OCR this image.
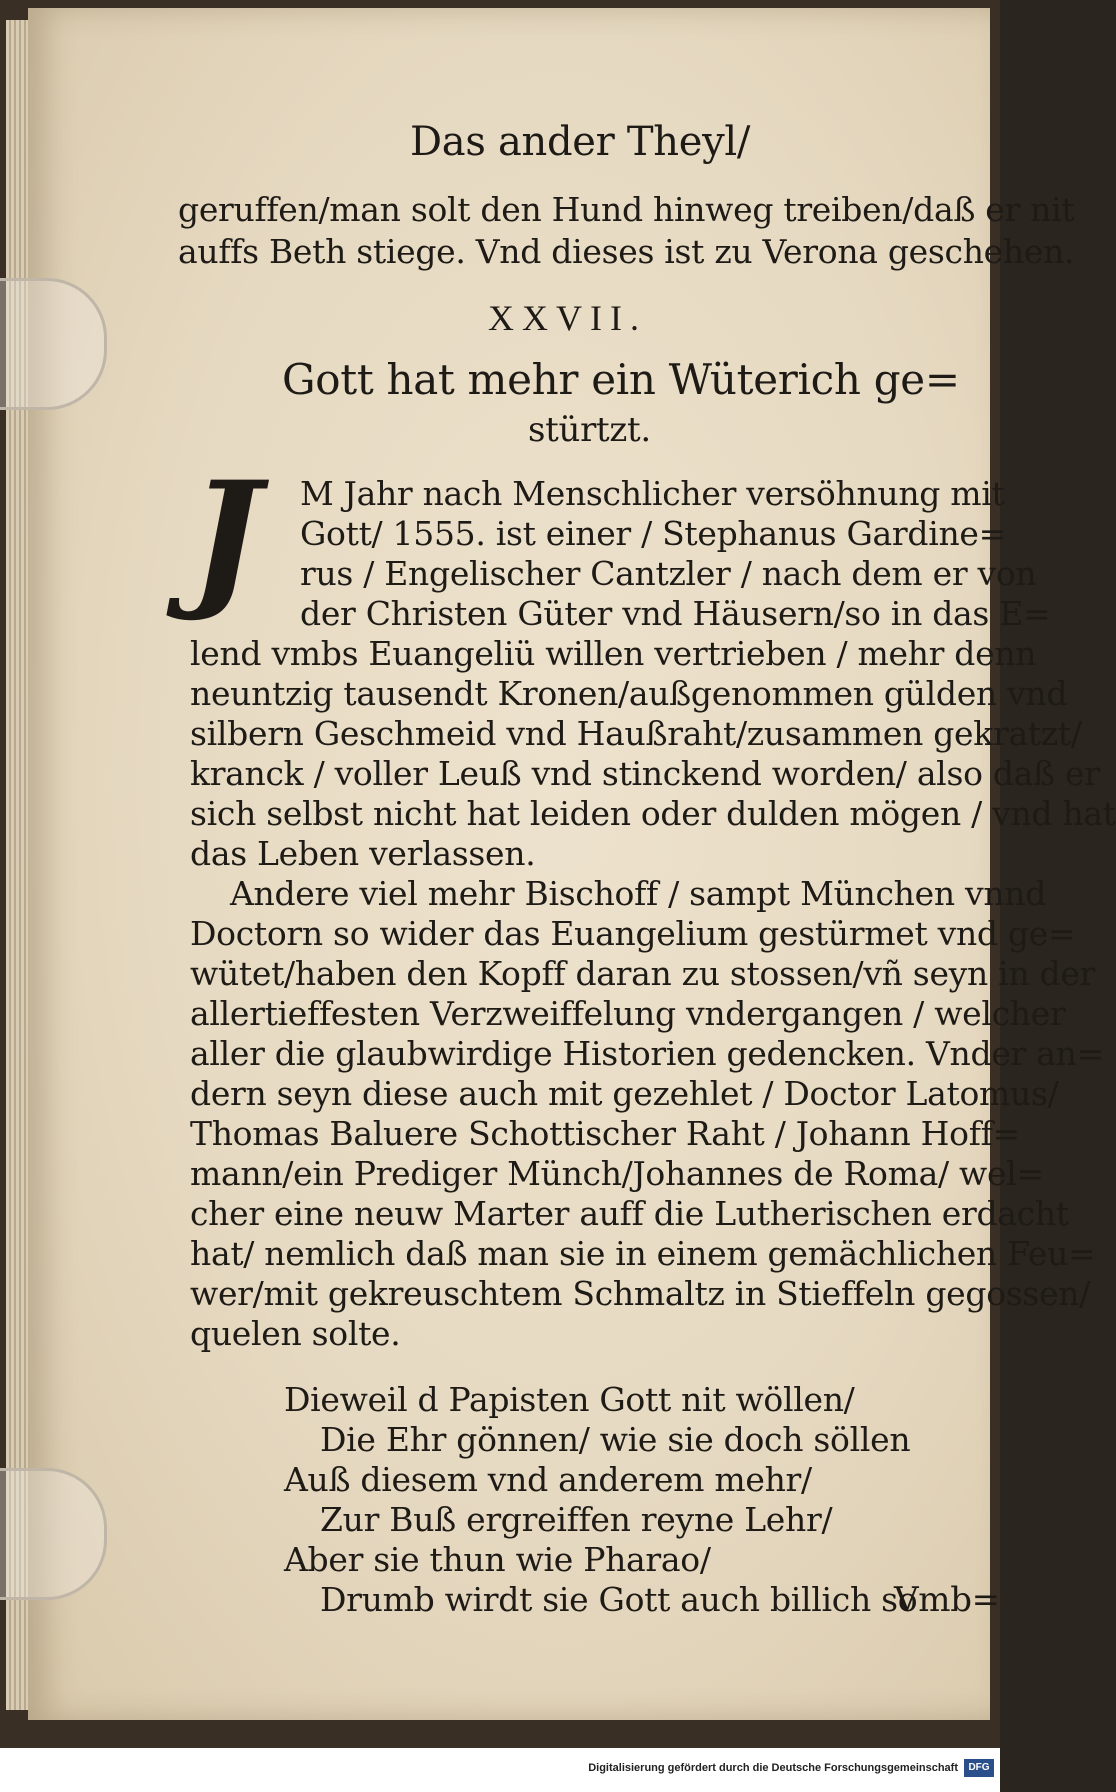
Das ander Theyl/
geruffen/man solt den Hund hinweg treiben/daß er nit
auffs Beth stiege. Vnd dieses ist zu Verona geschehen.
XXVII.
Gott hat mehr ein Wüterich ge=
stürtzt.
J	M Jahr nach Menschlicher versöhnung mit
Gott/ 1555. ist einer / Stephanus Gardine=
rus / Engelischer Cantzler / nach dem er von
der Christen Güter vnd Häusern/so in das E=
lend vmbs Euangeliü willen vertrieben / mehr denn
neuntzig tausendt Kronen/außgenommen gülden vnd
silbern Geschmeid vnd Haußraht/zusammen gekratzt/
kranck / voller Leuß vnd stinckend worden/ also daß er
sich selbst nicht hat leiden oder dulden mögen / vnd hat
das Leben verlassen.
Andere viel mehr Bischoff / sampt München vnnd
Doctorn so wider das Euangelium gestürmet vnd ge=
wütet/haben den Kopff daran zu stossen/vñ seyn in der
allertieffesten Verzweiffelung vndergangen / welcher
aller die glaubwirdige Historien gedencken. Vnder an=
dern seyn diese auch mit gezehlet / Doctor Latomus/
Thomas Baluere Schottischer Raht / Johann Hoff=
mann/ein Prediger Münch/Johannes de Roma/ wel=
cher eine neuw Marter auff die Lutherischen erdacht
hat/ nemlich daß man sie in einem gemächlichen Feu=
wer/mit gekreuschtem Schmaltz in Stieffeln gegossen/
quelen solte.
Dieweil d Papisten Gott nit wöllen/
Die Ehr gönnen/ wie sie doch söllen
Auß diesem vnd anderem mehr/
Zur Buß ergreiffen reyne Lehr/
Aber sie thun wie Pharao/
Drumb wirdt sie Gott auch billich so
Vmb=
Digitalisierung gefördert durch die Deutsche Forschungsgemeinschaft	DFG
